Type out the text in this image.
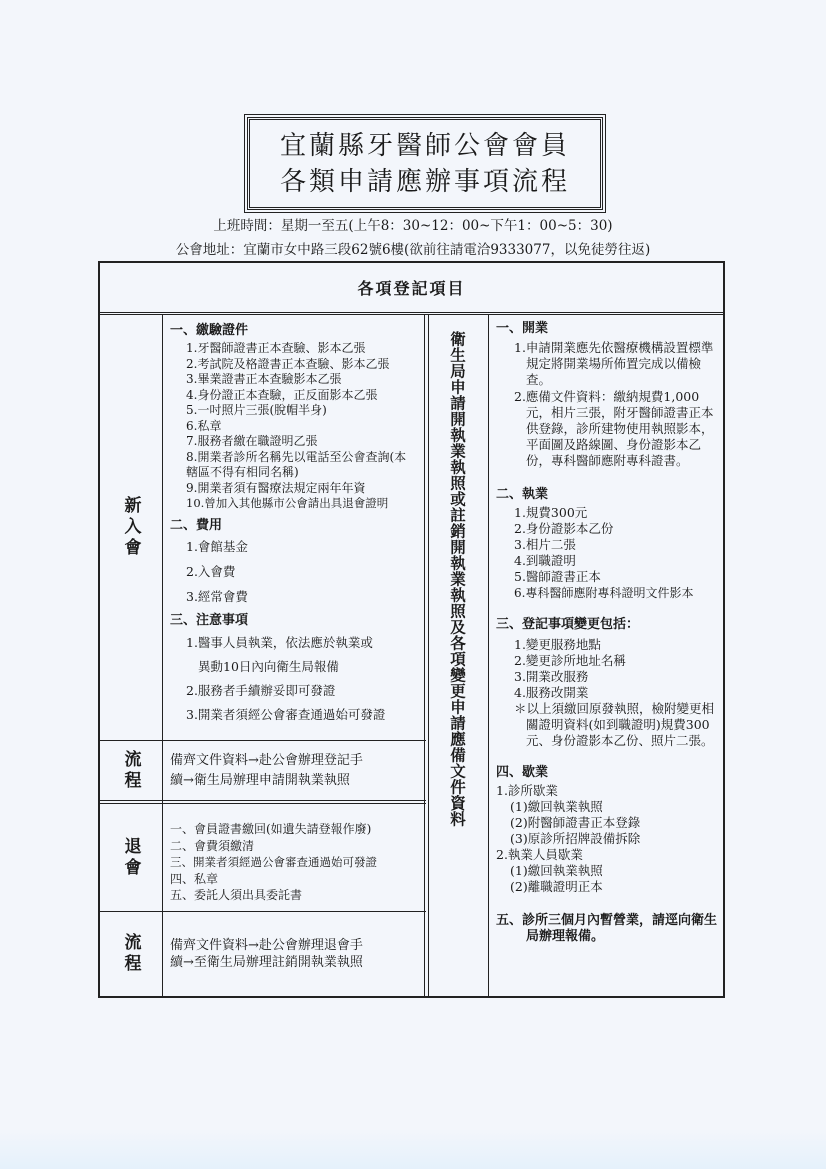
宜蘭縣牙醫師公會會員
各類申請應辦事項流程
上班時間：星期一至五(上午8：30~12：00~下午1：00~5：30)
公會地址：宜蘭市女中路三段62號6樓(欲前往請電洽9333077，以免徒勞往返)
各項登記項目
新入會

一、繳驗證件

1.牙醫師證書正本查驗、影本乙張

2.考試院及格證書正本查驗、影本乙張

3.畢業證書正本查驗影本乙張

4.身份證正本查驗，正反面影本乙張

5.一吋照片三張(脫帽半身)

6.私章

7.服務者繳在職證明乙張

8.開業者診所名稱先以電話至公會查詢(本轄區不得有相同名稱)

9.開業者須有醫療法規定兩年年資

10.曾加入其他縣市公會請出具退會證明

二、費用

1.會館基金

2.入會費

3.經常會費

三、注意事項

1.醫事人員執業，依法應於執業或

異動10日內向衛生局報備

2.服務者手續辦妥即可發證

3.開業者須經公會審查通過始可發證

流程 備齊文件資料→赴公會辦理登記手

續→衛生局辦理申請開執業執照

退會

一、會員證書繳回(如遺失請登報作廢)

二、會費須繳清

三、開業者須經過公會審查通過始可發證

四、私章

五、委託人須出具委託書

流程 備齊文件資料→赴公會辦理退會手

續→至衛生局辦理註銷開執業執照

衛生局申請開執業執照或註銷開執業執照及各項變更申請應備文件資料

一、開業

1.申請開業應先依醫療機構設置標準規定將開業場所佈置完成以備檢查。

2.應備文件資料：繳納規費1,000元，相片三張，附牙醫師證書正本供登錄，診所建物使用執照影本，平面圖及路線圖、身份證影本乙份，專科醫師應附專科證書。

二、執業

1.規費300元

2.身份證影本乙份

3.相片二張

4.到職證明

5.醫師證書正本

6.專科醫師應附專科證明文件影本

三、登記事項變更包括：

1.變更服務地點

2.變更診所地址名稱

3.開業改服務

4.服務改開業

＊以上須繳回原發執照，檢附變更相關證明資料(如到職證明)規費300元、身份證影本乙份、照片二張。

四、歇業

1.診所歇業

(1)繳回執業執照

(2)附醫師證書正本登錄

(3)原診所招牌設備拆除

2.執業人員歇業

(1)繳回執業執照

(2)離職證明正本

五、診所三個月內暫營業，請逕向衛生局辦理報備。
